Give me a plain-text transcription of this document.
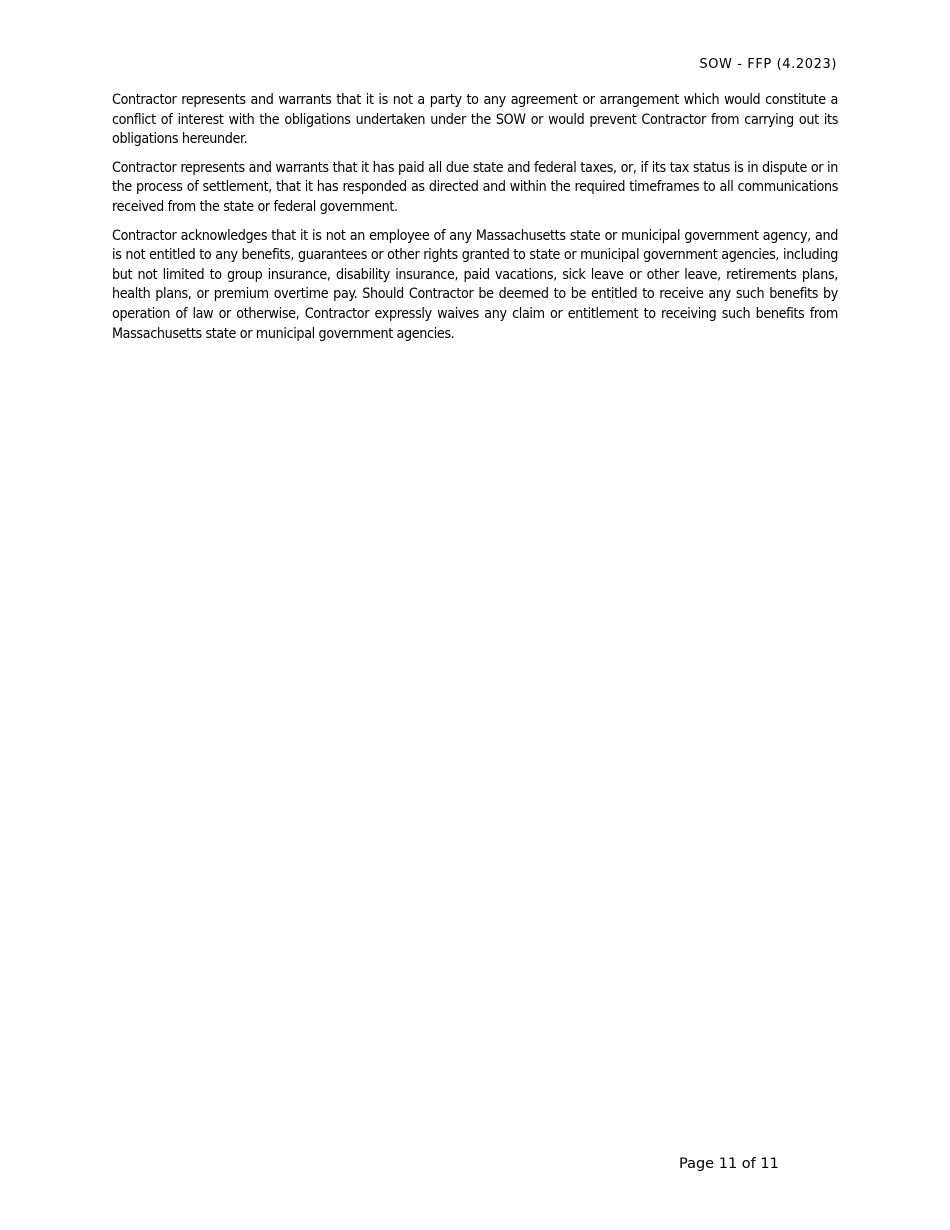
SOW - FFP (4.2023)

Contractor represents and warrants that it is not a party to any agreement or arrangement which would constitute a conflict of interest with the obligations undertaken under the SOW or would prevent Contractor from carrying out its obligations hereunder.

Contractor represents and warrants that it has paid all due state and federal taxes, or, if its tax status is in dispute or in the process of settlement, that it has responded as directed and within the required timeframes to all communications received from the state or federal government.

Contractor acknowledges that it is not an employee of any Massachusetts state or municipal government agency, and is not entitled to any benefits, guarantees or other rights granted to state or municipal government agencies, including but not limited to group insurance, disability insurance, paid vacations, sick leave or other leave, retirements plans, health plans, or premium overtime pay. Should Contractor be deemed to be entitled to receive any such benefits by operation of law or otherwise, Contractor expressly waives any claim or entitlement to receiving such benefits from Massachusetts state or municipal government agencies.

Page 11 of 11
